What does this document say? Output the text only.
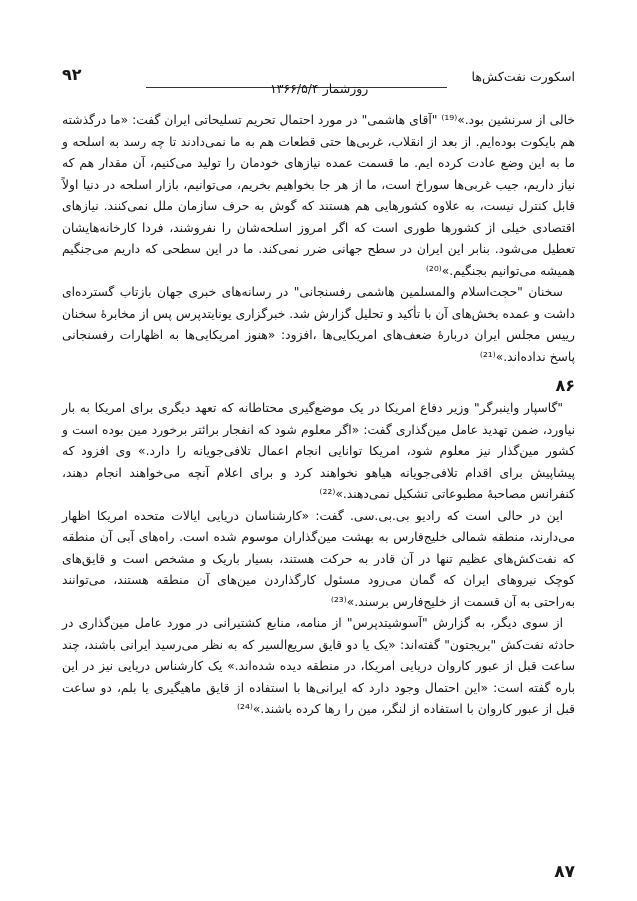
اسکورت نفت‌کش‌ها
روزشمار ۱۳۶۶/۵/۴
۹۲

خالی از سرنشین بود.»⁽¹⁹⁾ "آقای هاشمی" در مورد احتمال تحریم تسلیحاتی ایران گفت: «ما درگذشته هم بایکوت بوده‌ایم. از بعد از انقلاب، غربی‌ها حتی قطعات هم به ما نمی‌دادند تا چه رسد به اسلحه و ما به این وضع عادت کرده ایم. ما قسمت عمده نیازهای خودمان را تولید می‌کنیم، آن مقدار هم که نیاز داریم، جیب غربی‌ها سوراخ است، ما از هر جا بخواهیم بخریم، می‌توانیم، بازار اسلحه در دنیا اولاً قابل کنترل نیست، به علاوه کشورهایی هم هستند که گوش به حرف سازمان ملل نمی‌کنند. نیازهای اقتصادی خیلی از کشورها طوری است که اگر امروز اسلحه‌شان را نفروشند، فردا کارخانه‌هایشان تعطیل می‌شود. بنابر این ایران در سطح جهانی ضرر نمی‌کند. ما در این سطحی که داریم می‌جنگیم همیشه می‌توانیم بجنگیم.»⁽²⁰⁾

سخنان "حجت‌اسلام والمسلمین هاشمی رفسنجانی" در رسانه‌های خبری جهان بازتاب گسترده‌ای داشت و عمده بخش‌های آن با تأکید و تحلیل گزارش شد. خبرگزاری یونایتدپرس پس از مخابرهٔ سخنان رییس مجلس ایران دربارهٔ ضعف‌های امریکایی‌ها ،افزود: «هنوز امریکایی‌ها به اظهارات رفسنجانی پاسخ نداده‌اند.»⁽²¹⁾

۸۶

"گاسپار واینبرگر" وزیر دفاع امریکا در یک موضع‌گیری محتاطانه که تعهد دیگری برای امریکا به بار نیاورد، ضمن تهدید عامل مین‌گذاری گفت: «اگر معلوم شود که انفجار برائتر برخورد مین بوده است و کشور مین‌گذار نیز معلوم شود، امریکا توانایی انجام اعمال تلافی‌جویانه را دارد.» وی افزود که پیشاپیش برای اقدام تلافی‌جویانه هیاهو نخواهند کرد و برای اعلام آنچه می‌خواهند انجام دهند، کنفرانس مصاحبهٔ مطبوعاتی تشکیل نمی‌دهند.»⁽²²⁾

این در حالی است که رادیو بی.بی.سی. گفت: «کارشناسان دریایی ایالات متحده امریکا اظهار می‌دارند، منطقه شمالی خلیج‌فارس به بهشت مین‌گذاران موسوم شده است. راه‌های آبی آن منطقه که نفت‌کش‌های عظیم تنها در آن قادر به حرکت هستند، بسیار باریک و مشخص است و قایق‌های کوچک نیروهای ایران که گمان می‌رود مسئول کارگذاردن مین‌های آن منطقه هستند، می‌توانند به‌راحتی به آن قسمت از خلیج‌فارس برسند.»⁽²³⁾

از سوی دیگر، به گزارش "آسوشیتدپرس" از منامه، منابع کشتیرانی در مورد عامل مین‌گذاری در حادثه نفت‌کش "بریجتون" گفته‌اند: «یک یا دو قایق سریع‌السیر که به نظر می‌رسید ایرانی باشند، چند ساعت قبل از عبور کاروان دریایی امریکا، در منطقه دیده شده‌اند.» یک کارشناس دریایی نیز در این باره گفته است: «این احتمال وجود دارد که ایرانی‌ها با استفاده از قایق ماهیگیری یا بلم، دو ساعت قبل از عبور کاروان با استفاده از لنگر، مین را رها کرده باشند.»⁽²⁴⁾

۸۷
